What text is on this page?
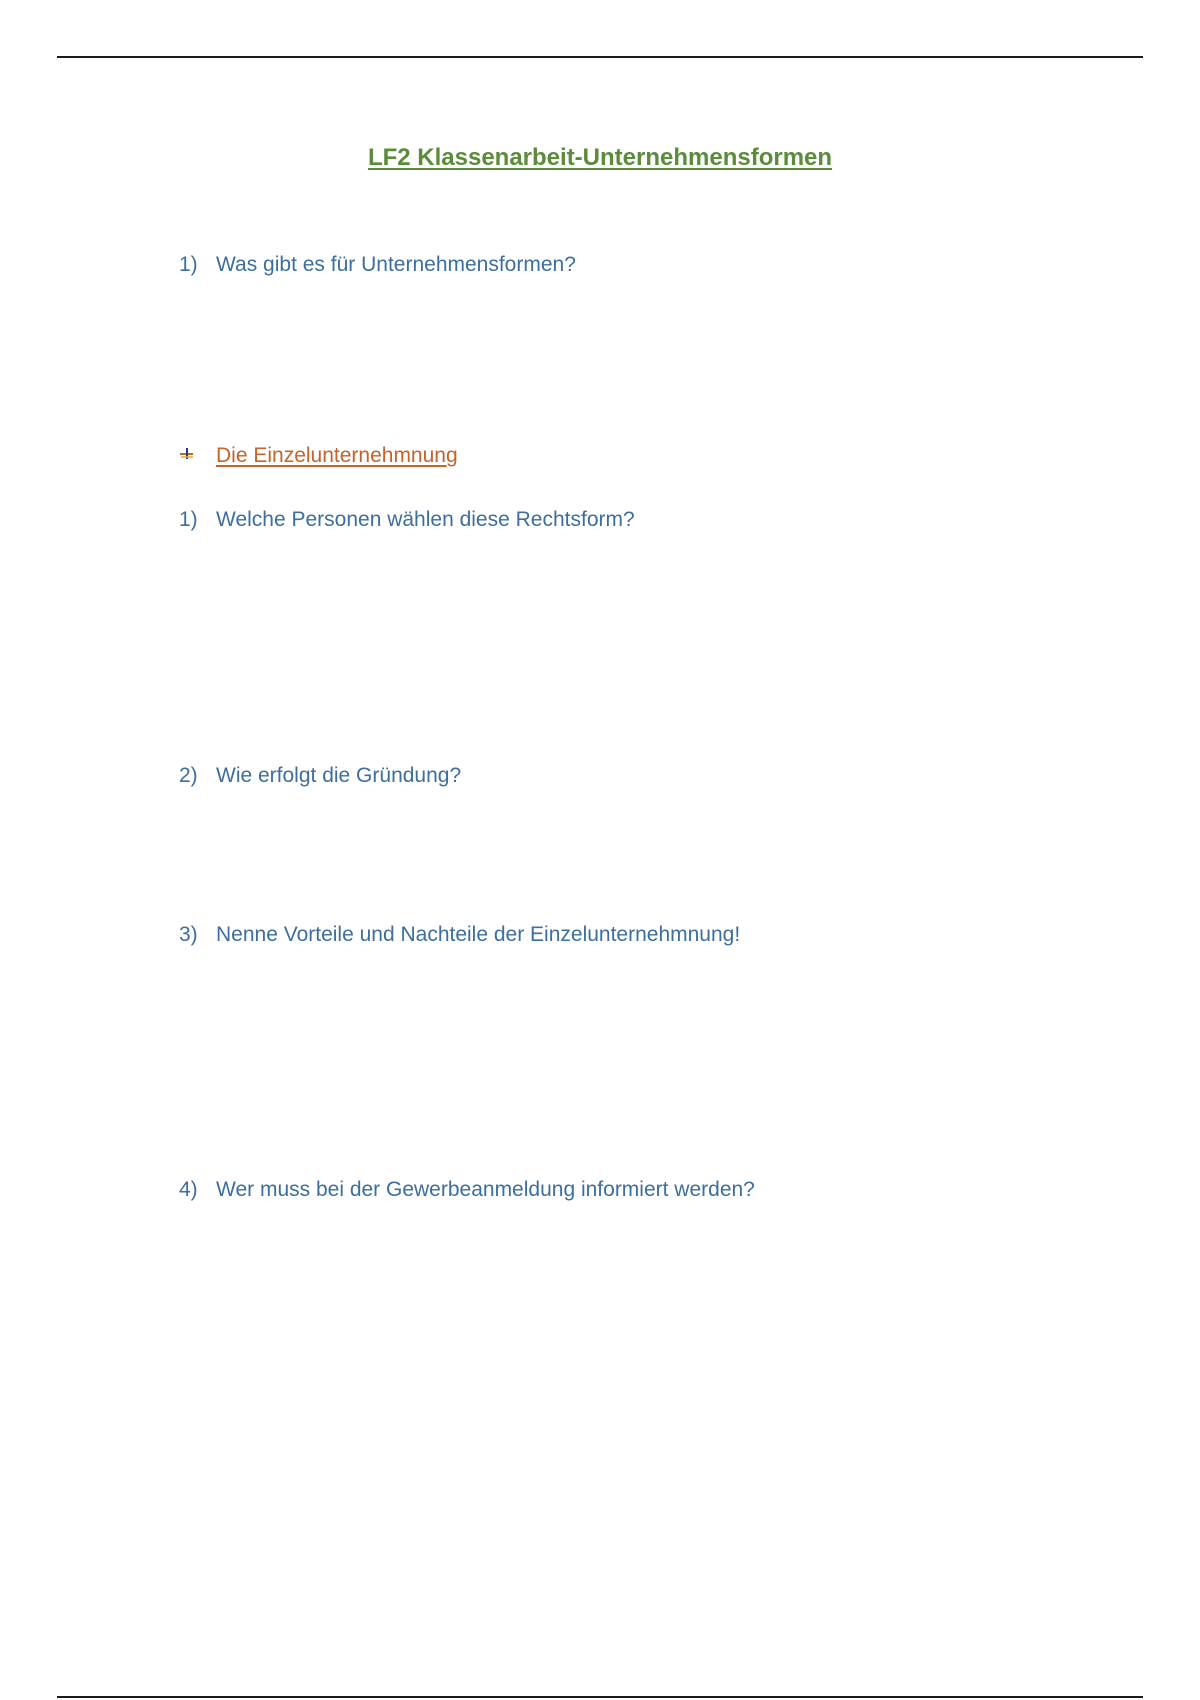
LF2 Klassenarbeit-Unternehmensformen
1) Was gibt es für Unternehmensformen?
Die Einzelunternehmnung
1) Welche Personen wählen diese Rechtsform?
2) Wie erfolgt die Gründung?
3) Nenne Vorteile und Nachteile der Einzelunternehmnung!
4) Wer muss bei der Gewerbeanmeldung informiert werden?
